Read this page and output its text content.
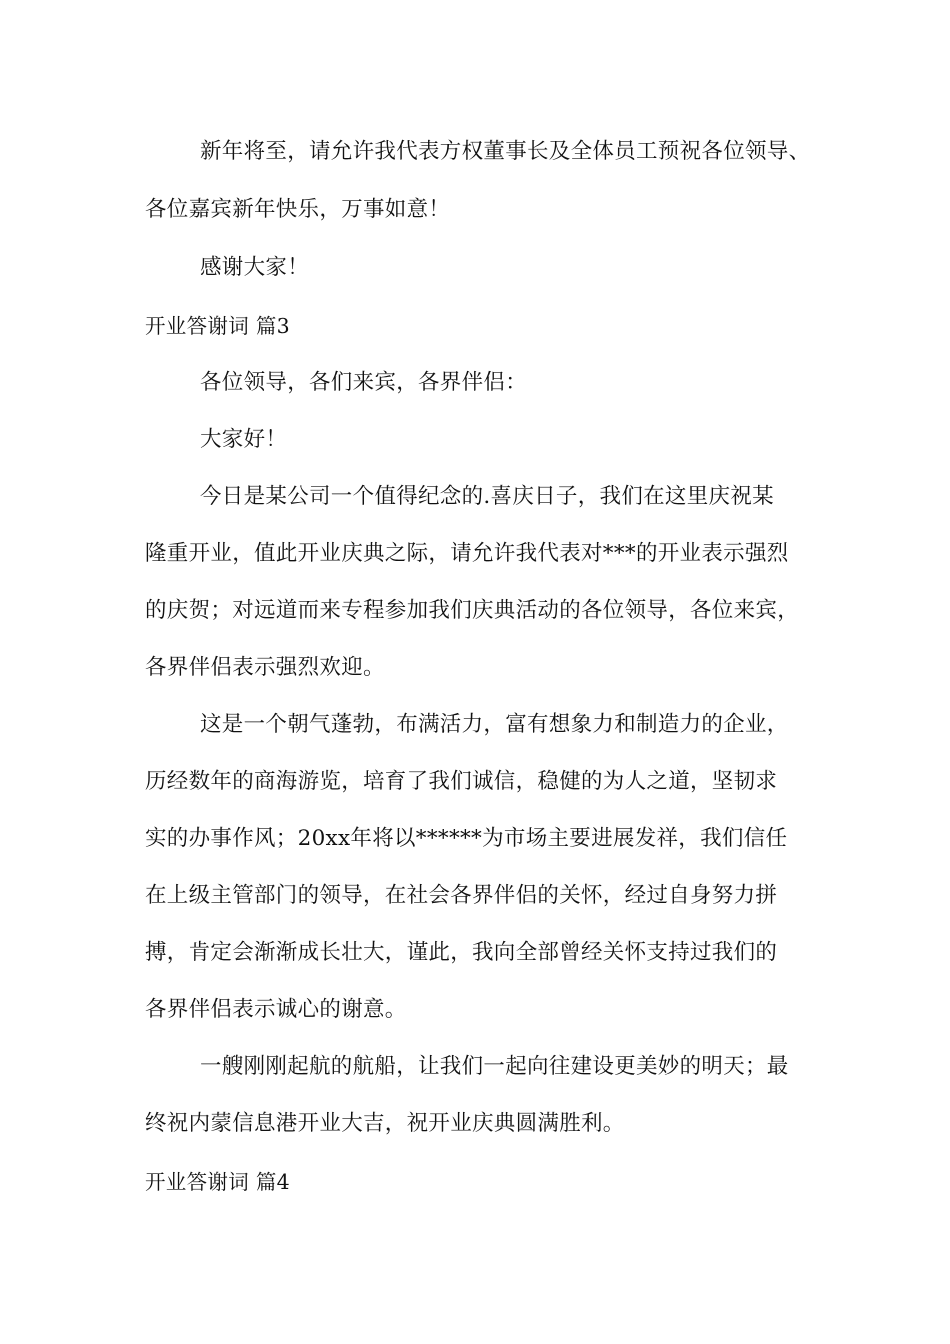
新年将至，请允许我代表方权董事长及全体员工预祝各位领导、
各位嘉宾新年快乐，万事如意！
感谢大家！
开业答谢词 篇3
各位领导，各们来宾，各界伴侣：
大家好！
今日是某公司一个值得纪念的.喜庆日子，我们在这里庆祝某
隆重开业，值此开业庆典之际，请允许我代表对***的开业表示强烈
的庆贺；对远道而来专程参加我们庆典活动的各位领导，各位来宾，
各界伴侣表示强烈欢迎。
这是一个朝气蓬勃，布满活力，富有想象力和制造力的企业，
历经数年的商海游览，培育了我们诚信，稳健的为人之道，坚韧求
实的办事作风；20xx年将以******为市场主要进展发祥，我们信任
在上级主管部门的领导，在社会各界伴侣的关怀，经过自身努力拼
搏，肯定会渐渐成长壮大，谨此，我向全部曾经关怀支持过我们的
各界伴侣表示诚心的谢意。
一艘刚刚起航的航船，让我们一起向往建设更美妙的明天；最
终祝内蒙信息港开业大吉，祝开业庆典圆满胜利。
开业答谢词 篇4
